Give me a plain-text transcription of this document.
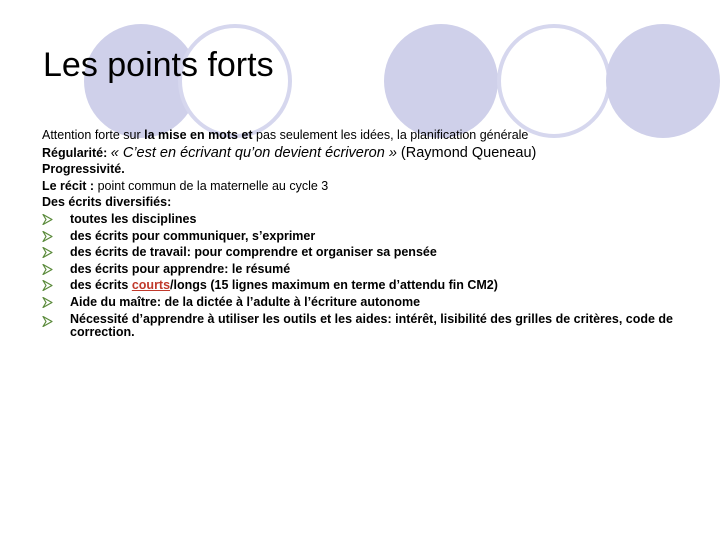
Les points forts
Attention forte sur la mise en mots et pas seulement les idées, la planification générale
Régularité: « C’est en écrivant qu’on devient écriveron » (Raymond Queneau)
Progressivité.
Le récit : point commun de la maternelle au cycle 3
Des écrits diversifiés:
toutes les disciplines
des écrits pour communiquer, s’exprimer
des écrits de travail: pour comprendre et organiser sa pensée
des écrits pour apprendre: le résumé
des écrits courts/longs (15 lignes maximum en terme d’attendu fin CM2)
Aide du maître: de la dictée à l’adulte à l’écriture autonome
Nécessité d’apprendre à utiliser les outils et les aides: intérêt, lisibilité des grilles de critères, code de correction.
